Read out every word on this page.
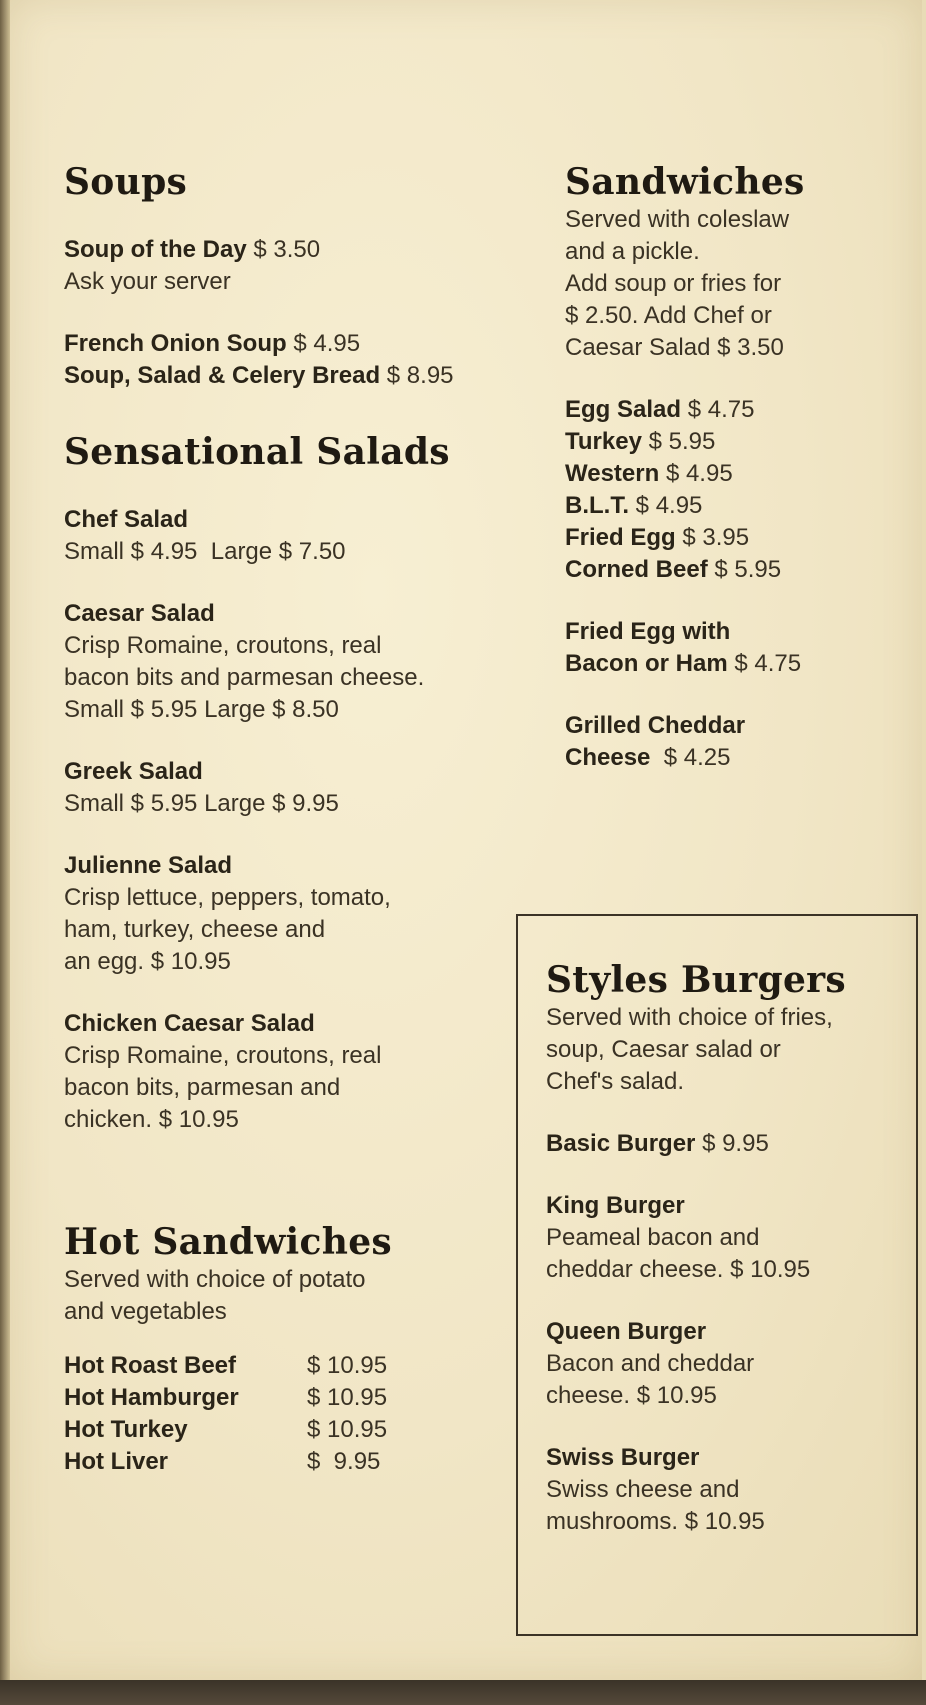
Soups

Soup of the Day $ 3.50

Ask your server

French Onion Soup $ 4.95

Soup, Salad & Celery Bread $ 8.95

Sensational Salads

Chef Salad

Small $ 4.95  Large $ 7.50

Caesar Salad

Crisp Romaine, croutons, real

bacon bits and parmesan cheese.

Small $ 5.95 Large $ 8.50

Greek Salad

Small $ 5.95 Large $ 9.95

Julienne Salad

Crisp lettuce, peppers, tomato,

ham, turkey, cheese and

an egg. $ 10.95

Chicken Caesar Salad

Crisp Romaine, croutons, real

bacon bits, parmesan and

chicken. $ 10.95

Hot Sandwiches

Served with choice of potato

and vegetables

Hot Roast Beef	$ 10.95
Hot Hamburger	$ 10.95
Hot Turkey	$ 10.95
Hot Liver	$  9.95
Sandwiches

Served with coleslaw

and a pickle.

Add soup or fries for

$ 2.50. Add Chef or

Caesar Salad $ 3.50

Egg Salad $ 4.75

Turkey $ 5.95

Western $ 4.95

B.L.T. $ 4.95

Fried Egg $ 3.95

Corned Beef $ 5.95

Fried Egg with

Bacon or Ham $ 4.75

Grilled Cheddar

Cheese $ 4.25

Styles Burgers

Served with choice of fries,

soup, Caesar salad or

Chef's salad.

Basic Burger $ 9.95

King Burger

Peameal bacon and

cheddar cheese. $ 10.95

Queen Burger

Bacon and cheddar

cheese. $ 10.95

Swiss Burger

Swiss cheese and

mushrooms. $ 10.95
